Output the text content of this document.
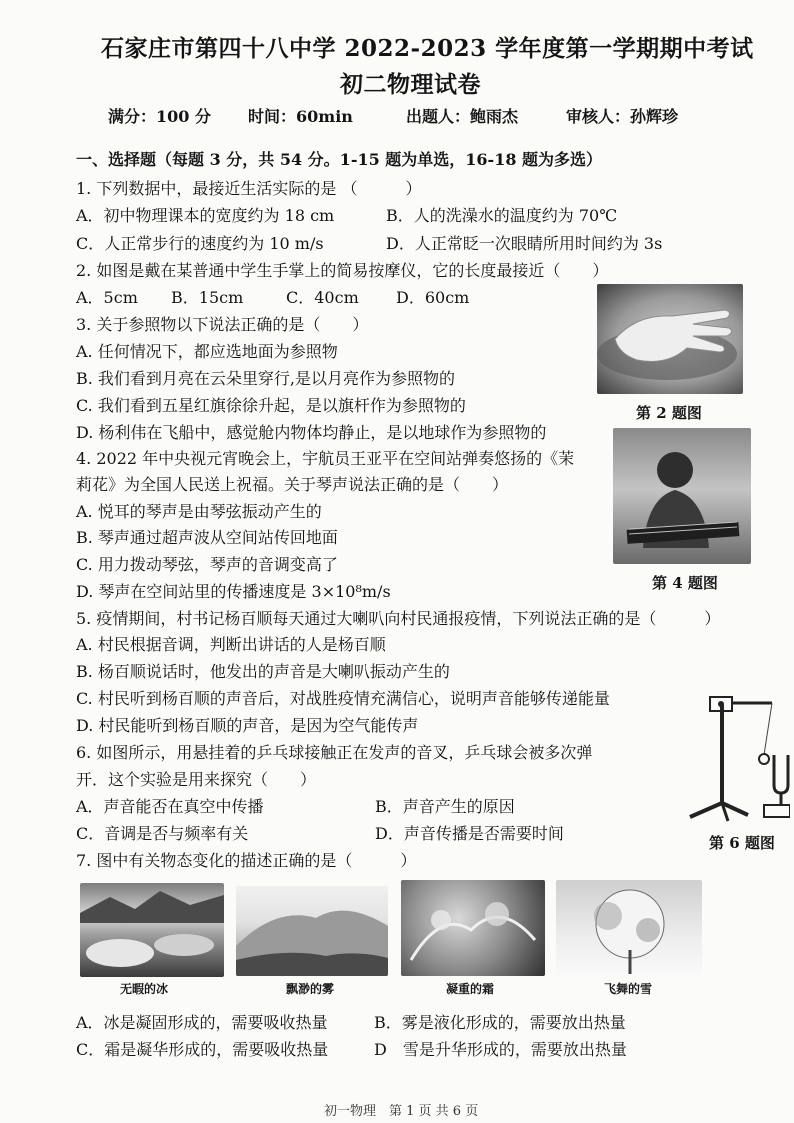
石家庄市第四十八中学 2022-2023 学年度第一学期期中考试
初二物理试卷
满分：100 分 时间：60min	出题人：鲍雨杰	审核人：孙辉珍
一、选择题（每题 3 分，共 54 分。1-15 题为单选，16-18 题为多选）
1. 下列数据中，最接近生活实际的是 （　　　）
A．初中物理课本的宽度约为 18 cm	B．人的洗澡水的温度约为 70℃
C．人正常步行的速度约为 10 m/s	D．人正常眨一次眼睛所用时间约为 3s
2. 如图是戴在某普通中学生手掌上的简易按摩仪，它的长度最接近（　　）
A．5cm B．15cm	C．40cm D．60cm
3. 关于参照物以下说法正确的是（　　）
A. 任何情况下，都应选地面为参照物
B. 我们看到月亮在云朵里穿行,是以月亮作为参照物的
C. 我们看到五星红旗徐徐升起，是以旗杆作为参照物的
D. 杨利伟在飞船中，感觉舱内物体均静止，是以地球作为参照物的
第 2 题图
4. 2022 年中央视元宵晚会上，宇航员王亚平在空间站弹奏悠扬的《茉
莉花》为全国人民送上祝福。关于琴声说法正确的是（　　）
A. 悦耳的琴声是由琴弦振动产生的
B. 琴声通过超声波从空间站传回地面
C. 用力拨动琴弦，琴声的音调变高了
D. 琴声在空间站里的传播速度是 3×10⁸m/s	第 4 题图
5. 疫情期间，村书记杨百顺每天通过大喇叭向村民通报疫情，下列说法正确的是（　　　）
A. 村民根据音调，判断出讲话的人是杨百顺
B. 杨百顺说话时，他发出的声音是大喇叭振动产生的
C. 村民听到杨百顺的声音后，对战胜疫情充满信心，说明声音能够传递能量
D. 村民能听到杨百顺的声音，是因为空气能传声
6. 如图所示，用悬挂着的乒乓球接触正在发声的音叉，乒乓球会被多次弹
开．这个实验是用来探究（　　）
A．声音能否在真空中传播	B．声音产生的原因
C．音调是否与频率有关	D．声音传播是否需要时间	第 6 题图
7. 图中有关物态变化的描述正确的是（　　　）
无暇的冰	飘渺的雾	凝重的霜	飞舞的雪
A．冰是凝固形成的，需要吸收热量	B．雾是液化形成的，需要放出热量
C．霜是凝华形成的，需要吸收热量	D　雪是升华形成的，需要放出热量
初一物理　第 1 页 共 6 页
